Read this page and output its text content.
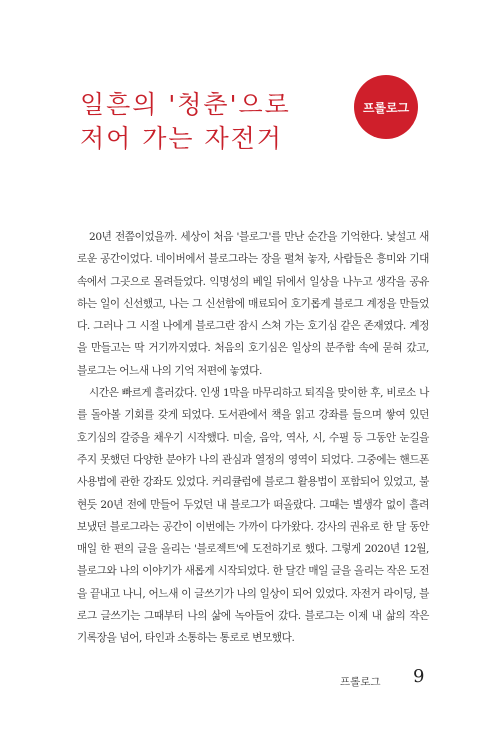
일흔의 '청춘'으로
저어 가는 자전거
프롤로그

20년 전쯤이었을까. 세상이 처음 '블로그'를 만난 순간을 기억한다. 낯설고 새로운 공간이었다. 네이버에서 블로그라는 장을 펼쳐 놓자, 사람들은 흥미와 기대 속에서 그곳으로 몰려들었다. 익명성의 베일 뒤에서 일상을 나누고 생각을 공유하는 일이 신선했고, 나는 그 신선함에 매료되어 호기롭게 블로그 계정을 만들었다. 그러나 그 시절 나에게 블로그란 잠시 스쳐 가는 호기심 같은 존재였다. 계정을 만들고는 딱 거기까지였다. 처음의 호기심은 일상의 분주함 속에 묻혀 갔고, 블로그는 어느새 나의 기억 저편에 놓였다.

시간은 빠르게 흘러갔다. 인생 1막을 마무리하고 퇴직을 맞이한 후, 비로소 나를 돌아볼 기회를 갖게 되었다. 도서관에서 책을 읽고 강좌를 들으며 쌓여 있던 호기심의 갈증을 채우기 시작했다. 미술, 음악, 역사, 시, 수필 등 그동안 눈길을 주지 못했던 다양한 분야가 나의 관심과 열정의 영역이 되었다. 그중에는 핸드폰 사용법에 관한 강좌도 있었다. 커리큘럼에 블로그 활용법이 포함되어 있었고, 불현듯 20년 전에 만들어 두었던 내 블로그가 떠올랐다. 그때는 별생각 없이 흘려보냈던 블로그라는 공간이 이번에는 가까이 다가왔다. 강사의 권유로 한 달 동안 매일 한 편의 글을 올리는 '블로젝트'에 도전하기로 했다. 그렇게 2020년 12월, 블로그와 나의 이야기가 새롭게 시작되었다. 한 달간 매일 글을 올리는 작은 도전을 끝내고 나니, 어느새 이 글쓰기가 나의 일상이 되어 있었다. 자전거 라이딩, 블로그 글쓰기는 그때부터 나의 삶에 녹아들어 갔다. 블로그는 이제 내 삶의 작은 기록장을 넘어, 타인과 소통하는 통로로 변모했다.

프롤로그 9
